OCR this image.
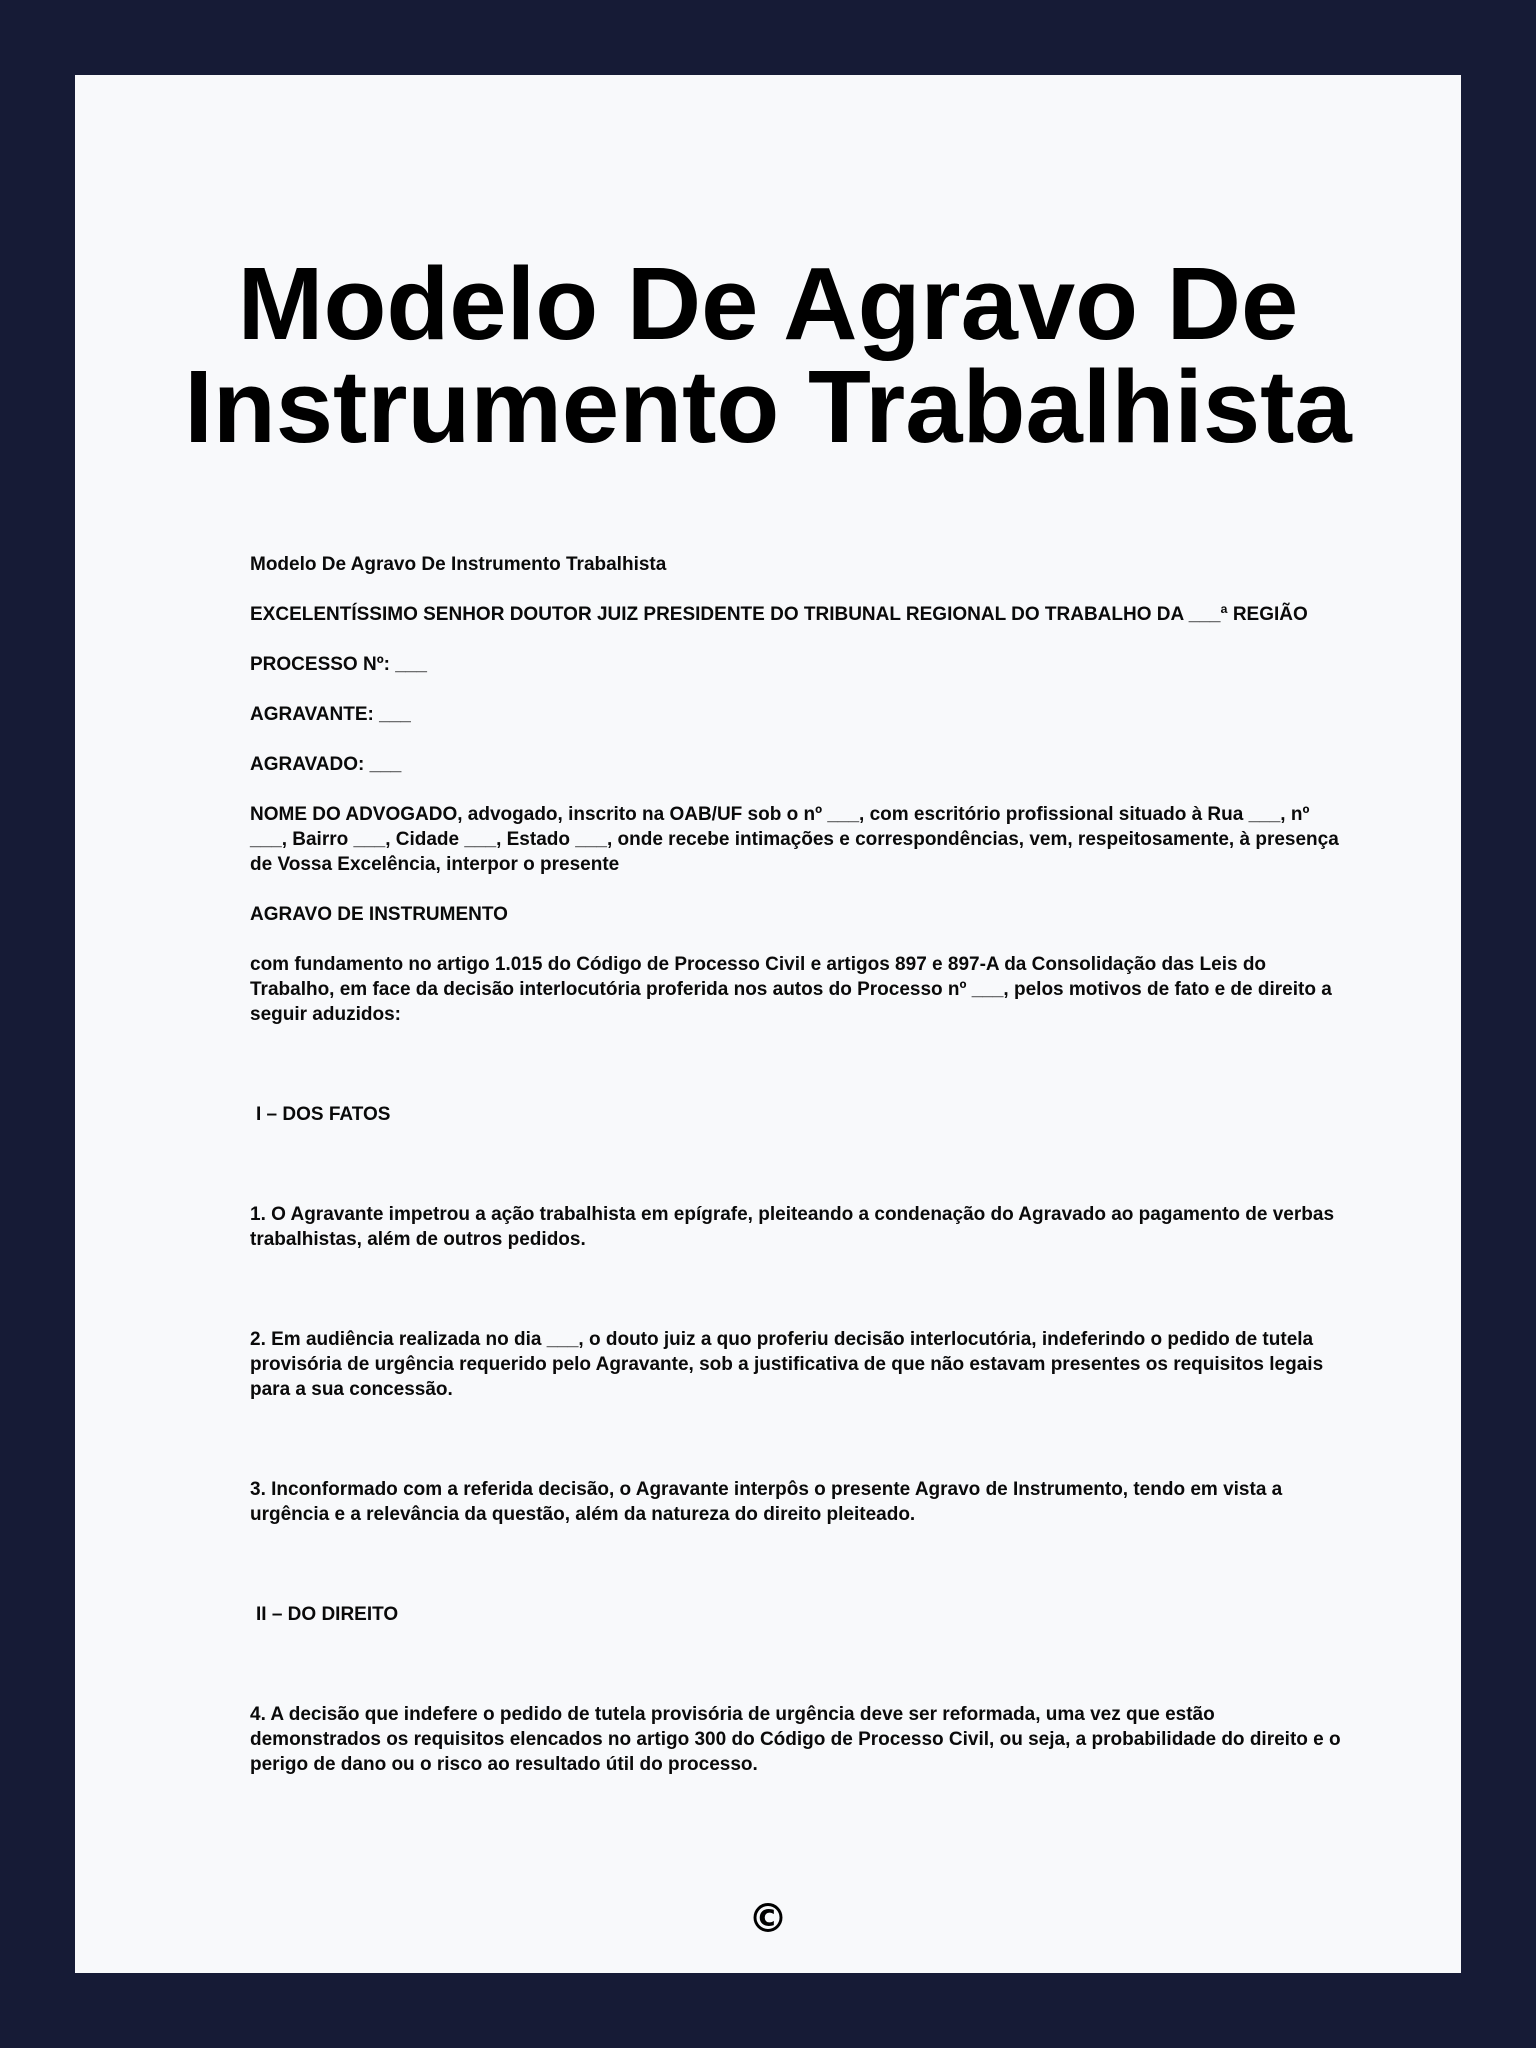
Modelo De Agravo De
Instrumento Trabalhista

Modelo De Agravo De Instrumento Trabalhista

EXCELENTÍSSIMO SENHOR DOUTOR JUIZ PRESIDENTE DO TRIBUNAL REGIONAL DO TRABALHO DA ___ª REGIÃO

PROCESSO Nº: ___

AGRAVANTE: ___

AGRAVADO: ___

NOME DO ADVOGADO, advogado, inscrito na OAB/UF sob o nº ___, com escritório profissional situado à Rua ___, nº ___, Bairro ___, Cidade ___, Estado ___, onde recebe intimações e correspondências, vem, respeitosamente, à presença de Vossa Excelência, interpor o presente

AGRAVO DE INSTRUMENTO

com fundamento no artigo 1.015 do Código de Processo Civil e artigos 897 e 897-A da Consolidação das Leis do Trabalho, em face da decisão interlocutória proferida nos autos do Processo nº ___, pelos motivos de fato e de direito a seguir aduzidos:

I – DOS FATOS

1. O Agravante impetrou a ação trabalhista em epígrafe, pleiteando a condenação do Agravado ao pagamento de verbas trabalhistas, além de outros pedidos.

2. Em audiência realizada no dia ___, o douto juiz a quo proferiu decisão interlocutória, indeferindo o pedido de tutela provisória de urgência requerido pelo Agravante, sob a justificativa de que não estavam presentes os requisitos legais para a sua concessão.

3. Inconformado com a referida decisão, o Agravante interpôs o presente Agravo de Instrumento, tendo em vista a urgência e a relevância da questão, além da natureza do direito pleiteado.

II – DO DIREITO

4. A decisão que indefere o pedido de tutela provisória de urgência deve ser reformada, uma vez que estão demonstrados os requisitos elencados no artigo 300 do Código de Processo Civil, ou seja, a probabilidade do direito e o perigo de dano ou o risco ao resultado útil do processo.

©
